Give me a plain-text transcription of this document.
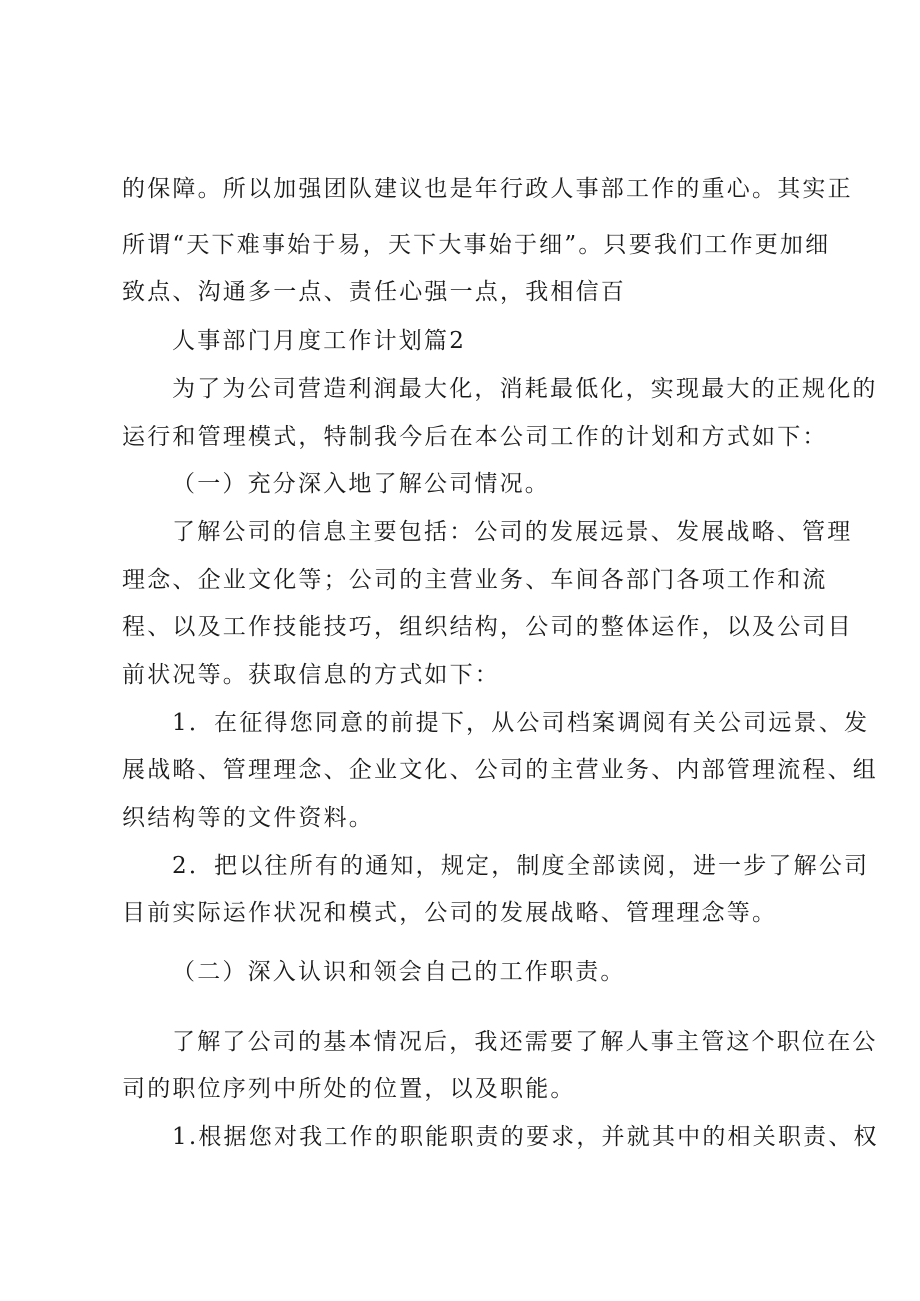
的保障。所以加强团队建议也是年行政人事部工作的重心。其实正
所谓“天下难事始于易，天下大事始于细”。只要我们工作更加细
致点、沟通多一点、责任心强一点，我相信百
人事部门月度工作计划篇2
为了为公司营造利润最大化，消耗最低化，实现最大的正规化的
运行和管理模式，特制我今后在本公司工作的计划和方式如下：
（一）充分深入地了解公司情况。
了解公司的信息主要包括：公司的发展远景、发展战略、管理
理念、企业文化等；公司的主营业务、车间各部门各项工作和流
程、以及工作技能技巧，组织结构，公司的整体运作，以及公司目
前状况等。获取信息的方式如下：
1．在征得您同意的前提下，从公司档案调阅有关公司远景、发
展战略、管理理念、企业文化、公司的主营业务、内部管理流程、组
织结构等的文件资料。
2．把以往所有的通知，规定，制度全部读阅，进一步了解公司
目前实际运作状况和模式，公司的发展战略、管理理念等。
（二）深入认识和领会自己的工作职责。
了解了公司的基本情况后，我还需要了解人事主管这个职位在公
司的职位序列中所处的位置，以及职能。
1.根据您对我工作的职能职责的要求，并就其中的相关职责、权
